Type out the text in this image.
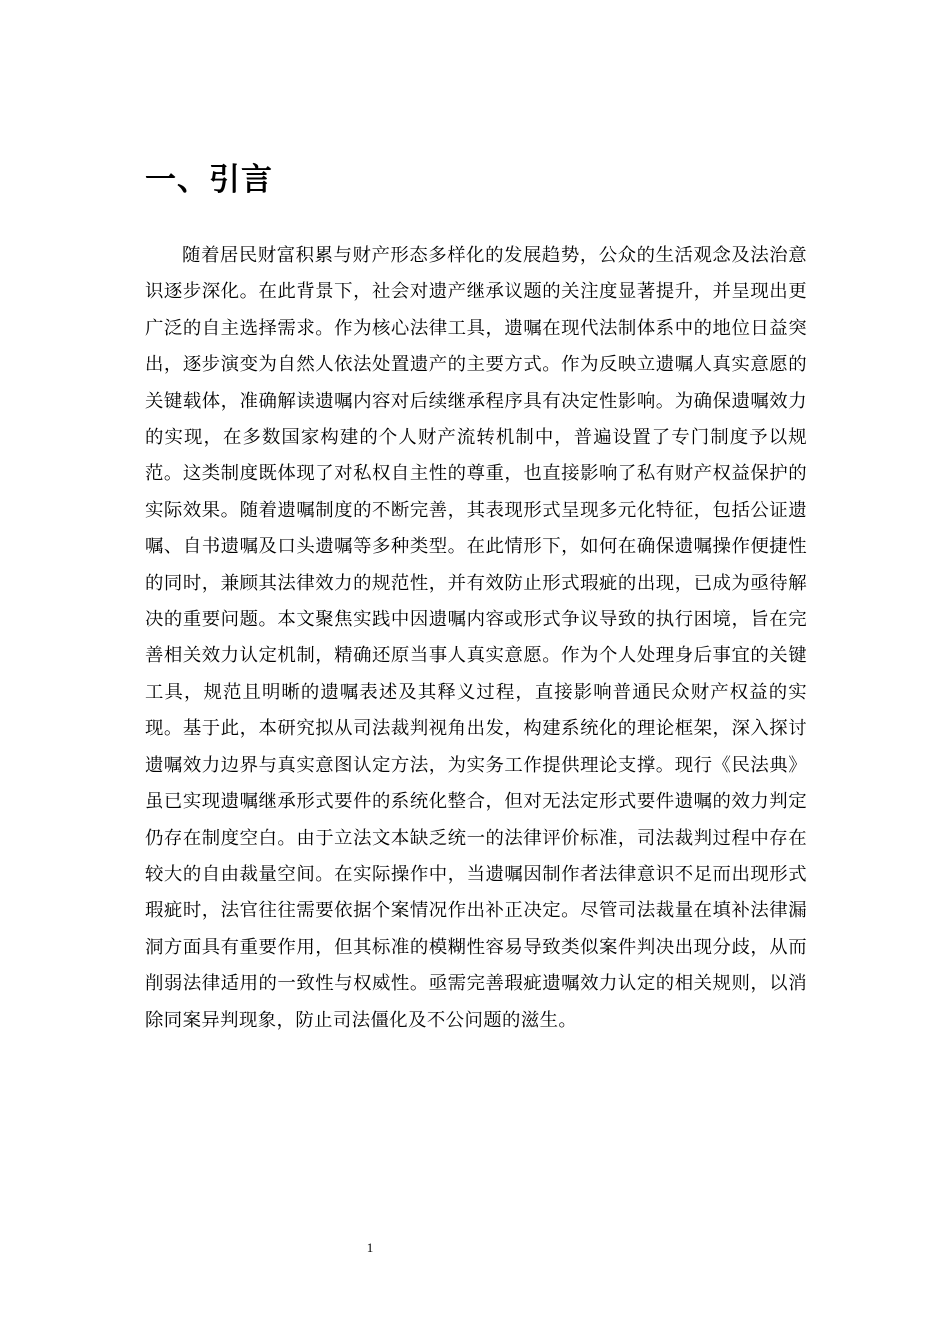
一、引言

随着居民财富积累与财产形态多样化的发展趋势，公众的生活观念及法治意识逐步深化。在此背景下，社会对遗产继承议题的关注度显著提升，并呈现出更广泛的自主选择需求。作为核心法律工具，遗嘱在现代法制体系中的地位日益突出，逐步演变为自然人依法处置遗产的主要方式。作为反映立遗嘱人真实意愿的关键载体，准确解读遗嘱内容对后续继承程序具有决定性影响。为确保遗嘱效力的实现，在多数国家构建的个人财产流转机制中，普遍设置了专门制度予以规范。这类制度既体现了对私权自主性的尊重，也直接影响了私有财产权益保护的实际效果。随着遗嘱制度的不断完善，其表现形式呈现多元化特征，包括公证遗嘱、自书遗嘱及口头遗嘱等多种类型。在此情形下，如何在确保遗嘱操作便捷性的同时，兼顾其法律效力的规范性，并有效防止形式瑕疵的出现，已成为亟待解决的重要问题。本文聚焦实践中因遗嘱内容或形式争议导致的执行困境，旨在完善相关效力认定机制，精确还原当事人真实意愿。作为个人处理身后事宜的关键工具，规范且明晰的遗嘱表述及其释义过程，直接影响普通民众财产权益的实现。基于此，本研究拟从司法裁判视角出发，构建系统化的理论框架，深入探讨遗嘱效力边界与真实意图认定方法，为实务工作提供理论支撑。现行《民法典》虽已实现遗嘱继承形式要件的系统化整合，但对无法定形式要件遗嘱的效力判定仍存在制度空白。由于立法文本缺乏统一的法律评价标准，司法裁判过程中存在较大的自由裁量空间。在实际操作中，当遗嘱因制作者法律意识不足而出现形式瑕疵时，法官往往需要依据个案情况作出补正决定。尽管司法裁量在填补法律漏洞方面具有重要作用，但其标准的模糊性容易导致类似案件判决出现分歧，从而削弱法律适用的一致性与权威性。亟需完善瑕疵遗嘱效力认定的相关规则，以消除同案异判现象，防止司法僵化及不公问题的滋生。

1
